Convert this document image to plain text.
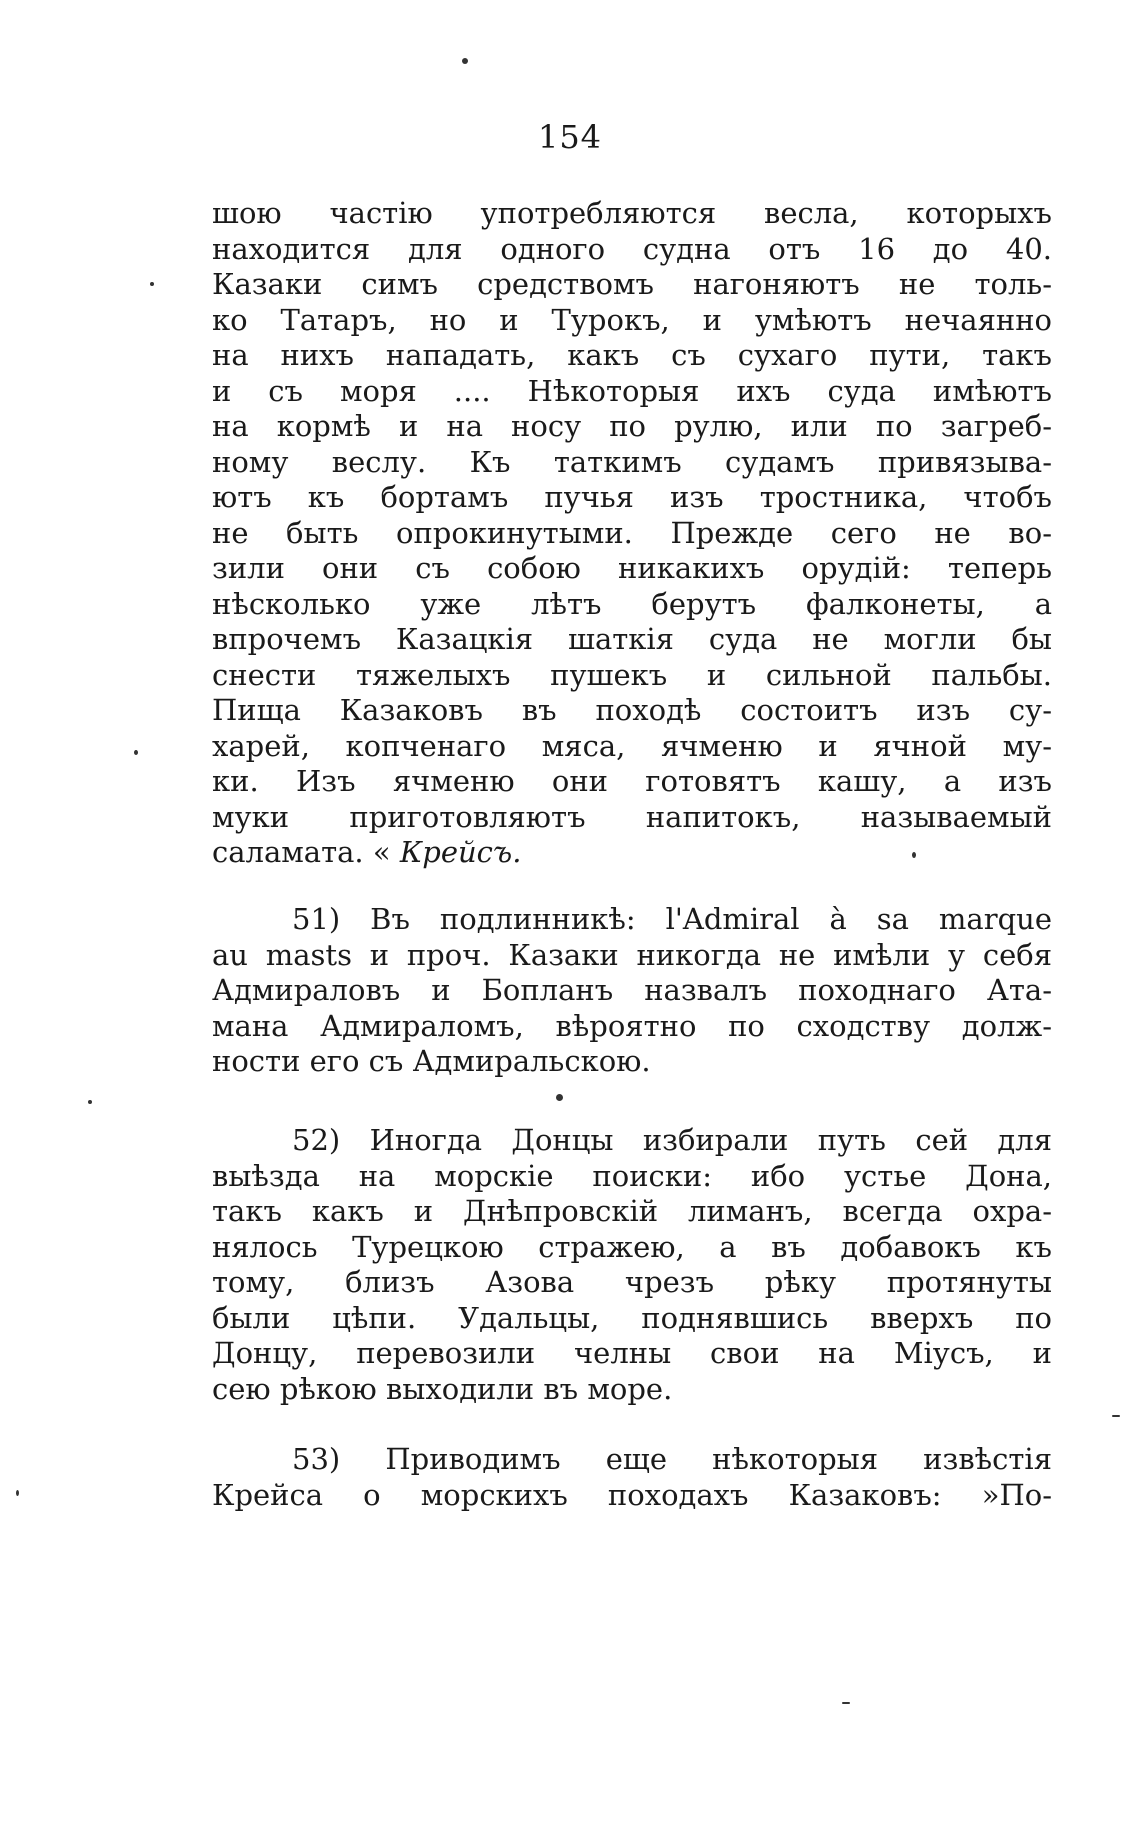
154
шою частiю употребляются весла, которыхъ
находится для одного судна отъ 16 до 40.
Казаки симъ средствомъ нагоняютъ не толь-
ко Татаръ, но и Турокъ, и умѣютъ нечаянно
на нихъ нападать, какъ съ сухаго пути, такъ
и съ моря .... Нѣкоторыя ихъ суда имѣютъ
на кормѣ и на носу по рулю, или по загреб-
ному веслу. Къ таткимъ судамъ привязыва-
ютъ къ бортамъ пучья изъ тростника, чтобъ
не быть опрокинутыми. Прежде сего не во-
зили они съ собою никакихъ орудiй: теперь
нѣсколько уже лѣтъ берутъ фалконеты, а
впрочемъ Казацкiя шаткiя суда не могли бы
снести тяжелыхъ пушекъ и сильной пальбы.
Пища Казаковъ въ походѣ состоитъ изъ су-
харей, копченаго мяса, ячменю и ячной му-
ки. Изъ ячменю они готовятъ кашу, а изъ
муки приготовляютъ напитокъ, называемый
саламата. « Крейсъ.
51) Въ подлинникѣ: l'Admiral à sa marque
au masts и проч. Казаки никогда не имѣли у себя
Адмираловъ и Бопланъ назвалъ походнаго Ата-
мана Адмираломъ, вѣроятно по сходству долж-
ности его съ Адмиральскою.
52) Иногда Донцы избирали путь сей для
выѣзда на морскiе поиски: ибо устье Дона,
такъ какъ и Днѣпровскiй лиманъ, всегда охра-
нялось Турецкою стражею, а въ добавокъ къ
тому, близъ Азова чрезъ рѣку протянуты
были цѣпи. Удальцы, поднявшись вверхъ по
Донцу, перевозили челны свои на Мiусъ, и
сею рѣкою выходили въ море.
53) Приводимъ еще нѣкоторыя извѣстiя
Крейса о морскихъ походахъ Казаковъ: »По-
